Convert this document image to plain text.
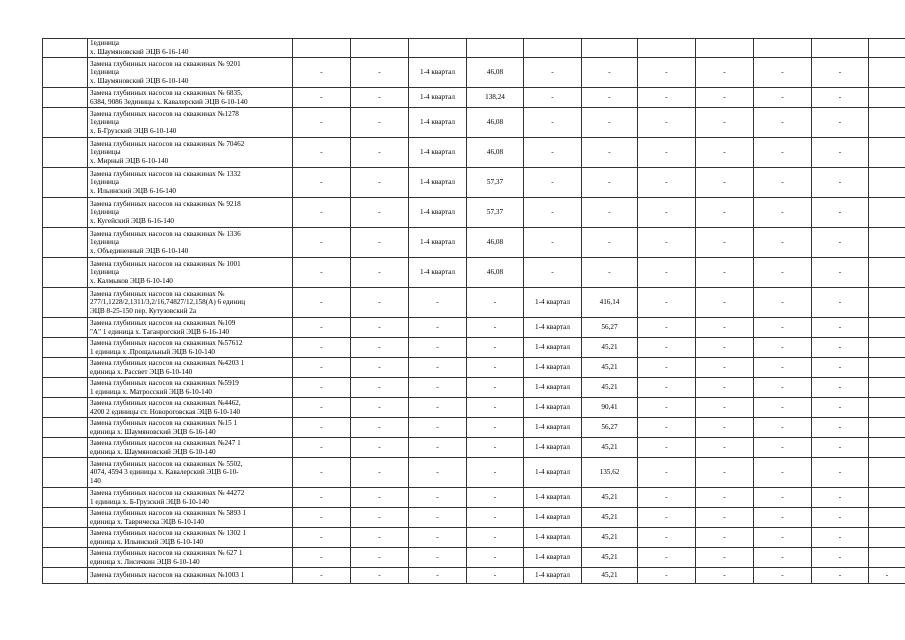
	1единица
х. Шаумяновский ЭЦВ 6-16-140											
	Замена глубинных насосов на скважинах № 9201
1единица
х. Шаумяновский ЭЦВ 6-10-140	-	-	1-4 квартал	46,08	-	-	-	-	-	-	
	Замена глубинных насосов на скважинах № 6835,
6384, 9086 3единицы х. Кавалерский ЭЦВ 6-10-140	-	-	1-4 квартал	138,24	-	-	-	-	-	-	
	Замена глубинных насосов на скважинах №1278
1единица
х. Б-Грузский ЭЦВ 6-10-140	-	-	1-4 квартал	46,08	-	-	-	-	-	-	
	Замена глубинных насосов на скважинах № 70462
1единицы
х. Мирный ЭЦВ 6-10-140	-	-	1-4 квартал	46,08	-	-	-	-	-	-	
	Замена глубинных насосов на скважинах № 1332
1единица
х. Ильинский ЭЦВ 6-16-140	-	-	1-4 квартал	57,37	-	-	-	-	-	-	
	Замена глубинных насосов на скважинах № 9218
1единица
х. Кугейский ЭЦВ 6-16-140	-	-	1-4 квартал	57,37	-	-	-	-	-	-	
	Замена глубинных насосов на скважинах № 1336
1единица
х. Объединенный ЭЦВ 6-10-140	-	-	1-4 квартал	46,08	-	-	-	-	-	-	
	Замена глубинных насосов на скважинах № 1001
1единица
х. Калмыков ЭЦВ 6-10-140	-	-	1-4 квартал	46,08	-	-	-	-	-	-	
	Замена глубинных насосов на скважинах №
277/1,1228/2,1311/3,2/16,74827/12,158(А) 6 единиц
ЭЦВ 8-25-150 пер. Кутузовский 2а	-	-	-	-	1-4 квартал	416,14	-	-	-	-	
	Замена глубинных насосов на скважинах №109
"А" 1 единица х. Таганрогский ЭЦВ 6-16-140	-	-	-	-	1-4 квартал	56,27	-	-	-	-	
	Замена глубинных насосов на скважинах №57612
1 единица х .Прощальный ЭЦВ 6-10-140	-	-	-	-	1-4 квартал	45,21	-	-	-	-	
	Замена глубинных насосов на скважинах №4203 1
единица х. Рассвет ЭЦВ 6-10-140	-	-	-	-	1-4 квартал	45,21	-	-	-	-	
	Замена глубинных насосов на скважинах №5919
1 единица х. Матросский ЭЦВ 6-10-140	-	-	-	-	1-4 квартал	45,21	-	-	-	-	
	Замена глубинных насосов на скважинах №4462,
4200 2 единицы ст. Новороговская ЭЦВ 6-10-140	-	-	-	-	1-4 квартал	90,41	-	-	-	-	
	Замена глубинных насосов на скважинах №15 1
единица х. Шаумяновский ЭЦВ 6-16-140	-	-	-	-	1-4 квартал	56,27	-	-	-	-	
	Замена глубинных насосов на скважинах №247 1
единица х. Шаумяновский ЭЦВ 6-10-140	-	-	-	-	1-4 квартал	45,21	-	-	-	-	
	Замена глубинных насосов на скважинах № 5502,
4074, 4594 3 единицы х. Кавалерский ЭЦВ 6-10-
140	-	-	-	-	1-4 квартал	135,62	-	-	-	-	
	Замена глубинных насосов на скважинах № 44272
1 единица х. Б-Грузский ЭЦВ 6-10-140	-	-	-	-	1-4 квартал	45,21	-	-	-	-	
	Замена глубинных насосов на скважинах № 5893 1
единица х. Таврическа ЭЦВ 6-10-140	-	-	-	-	1-4 квартал	45,21	-	-	-	-	
	Замена глубинных насосов на скважинах № 1302 1
единица х. Ильинский ЭЦВ 6-10-140	-	-	-	-	1-4 квартал	45,21	-	-	-	-	
	Замена глубинных насосов на скважинах № 627 1
единица х. Лисичкин ЭЦВ 6-10-140	-	-	-	-	1-4 квартал	45,21	-	-	-	-	
	Замена глубинных насосов на скважинах №1003 1	-	-	-	-	1-4 квартал	45,21	-	-	-	-	-
